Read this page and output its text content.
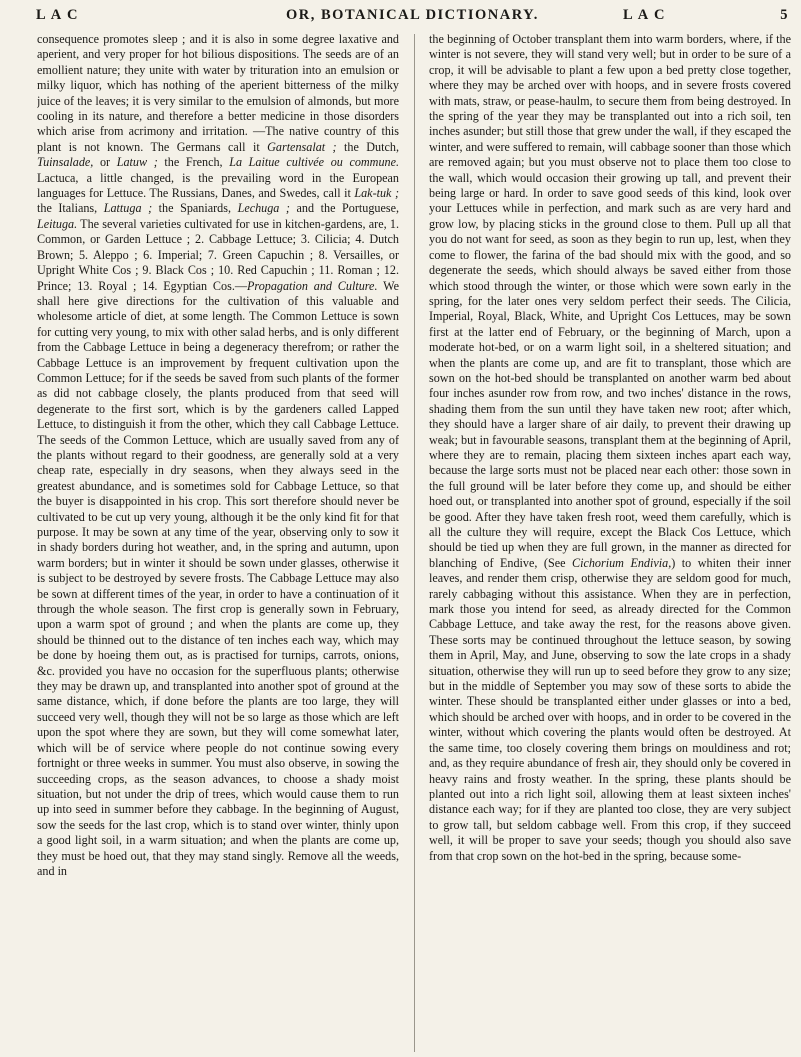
L A C	OR, BOTANICAL DICTIONARY.	L A C	5

consequence promotes sleep ; and it is also in some degree laxative and aperient, and very proper for hot bilious dispositions. The seeds are of an emollient nature; they unite with water by trituration into an emulsion or milky liquor, which has nothing of the aperient bitterness of the milky juice of the leaves; it is very similar to the emulsion of almonds, but more cooling in its nature, and therefore a better medicine in those disorders which arise from acrimony and irritation. —The native country of this plant is not known. The Germans call it Gartensalat ; the Dutch, Tuinsalade, or Latuw ; the French, La Laitue cultivée ou commune. Lactuca, a little changed, is the prevailing word in the European languages for Lettuce. The Russians, Danes, and Swedes, call it Lak-tuk ; the Italians, Lattuga ; the Spaniards, Lechuga ; and the Portuguese, Leituga. The several varieties cultivated for use in kitchen-gardens, are, 1. Common, or Garden Lettuce ; 2. Cabbage Lettuce; 3. Cilicia; 4. Dutch Brown; 5. Aleppo ; 6. Imperial; 7. Green Capuchin ; 8. Versailles, or Upright White Cos ; 9. Black Cos ; 10. Red Capuchin ; 11. Roman ; 12. Prince; 13. Royal ; 14. Egyptian Cos.—Propagation and Culture. We shall here give directions for the cultivation of this valuable and wholesome article of diet, at some length. The Common Lettuce is sown for cutting very young, to mix with other salad herbs, and is only different from the Cabbage Lettuce in being a degeneracy therefrom; or rather the Cabbage Lettuce is an improvement by frequent cultivation upon the Common Lettuce; for if the seeds be saved from such plants of the former as did not cabbage closely, the plants produced from that seed will degenerate to the first sort, which is by the gardeners called Lapped Lettuce, to distinguish it from the other, which they call Cabbage Lettuce. The seeds of the Common Lettuce, which are usually saved from any of the plants without regard to their goodness, are generally sold at a very cheap rate, especially in dry seasons, when they always seed in the greatest abundance, and is sometimes sold for Cabbage Lettuce, so that the buyer is disappointed in his crop. This sort therefore should never be cultivated to be cut up very young, although it be the only kind fit for that purpose. It may be sown at any time of the year, observing only to sow it in shady borders during hot weather, and, in the spring and autumn, upon warm borders; but in winter it should be sown under glasses, otherwise it is subject to be destroyed by severe frosts. The Cabbage Lettuce may also be sown at different times of the year, in order to have a continuation of it through the whole season. The first crop is generally sown in February, upon a warm spot of ground ; and when the plants are come up, they should be thinned out to the distance of ten inches each way, which may be done by hoeing them out, as is practised for turnips, carrots, onions, &c. provided you have no occasion for the superfluous plants; otherwise they may be drawn up, and transplanted into another spot of ground at the same distance, which, if done before the plants are too large, they will succeed very well, though they will not be so large as those which are left upon the spot where they are sown, but they will come somewhat later, which will be of service where people do not continue sowing every fortnight or three weeks in summer. You must also observe, in sowing the succeeding crops, as the season advances, to choose a shady moist situation, but not under the drip of trees, which would cause them to run up into seed in summer before they cabbage. In the beginning of August, sow the seeds for the last crop, which is to stand over winter, thinly upon a good light soil, in a warm situation; and when the plants are come up, they must be hoed out, that they may stand singly. Remove all the weeds, and in

the beginning of October transplant them into warm borders, where, if the winter is not severe, they will stand very well; but in order to be sure of a crop, it will be advisable to plant a few upon a bed pretty close together, where they may be arched over with hoops, and in severe frosts covered with mats, straw, or pease-haulm, to secure them from being destroyed. In the spring of the year they may be transplanted out into a rich soil, ten inches asunder; but still those that grew under the wall, if they escaped the winter, and were suffered to remain, will cabbage sooner than those which are removed again; but you must observe not to place them too close to the wall, which would occasion their growing up tall, and prevent their being large or hard. In order to save good seeds of this kind, look over your Lettuces while in perfection, and mark such as are very hard and grow low, by placing sticks in the ground close to them. Pull up all that you do not want for seed, as soon as they begin to run up, lest, when they come to flower, the farina of the bad should mix with the good, and so degenerate the seeds, which should always be saved either from those which stood through the winter, or those which were sown early in the spring, for the later ones very seldom perfect their seeds. The Cilicia, Imperial, Royal, Black, White, and Upright Cos Lettuces, may be sown first at the latter end of February, or the beginning of March, upon a moderate hot-bed, or on a warm light soil, in a sheltered situation; and when the plants are come up, and are fit to transplant, those which are sown on the hot-bed should be transplanted on another warm bed about four inches asunder row from row, and two inches' distance in the rows, shading them from the sun until they have taken new root; after which, they should have a larger share of air daily, to prevent their drawing up weak; but in favourable seasons, transplant them at the beginning of April, where they are to remain, placing them sixteen inches apart each way, because the large sorts must not be placed near each other: those sown in the full ground will be later before they come up, and should be either hoed out, or transplanted into another spot of ground, especially if the soil be good. After they have taken fresh root, weed them carefully, which is all the culture they will require, except the Black Cos Lettuce, which should be tied up when they are full grown, in the manner as directed for blanching of Endive, (See Cichorium Endivia,) to whiten their inner leaves, and render them crisp, otherwise they are seldom good for much, rarely cabbaging without this assistance. When they are in perfection, mark those you intend for seed, as already directed for the Common Cabbage Lettuce, and take away the rest, for the reasons above given. These sorts may be continued throughout the lettuce season, by sowing them in April, May, and June, observing to sow the late crops in a shady situation, otherwise they will run up to seed before they grow to any size; but in the middle of September you may sow of these sorts to abide the winter. These should be transplanted either under glasses or into a bed, which should be arched over with hoops, and in order to be covered in the winter, without which covering the plants would often be destroyed. At the same time, too closely covering them brings on mouldiness and rot; and, as they require abundance of fresh air, they should only be covered in heavy rains and frosty weather. In the spring, these plants should be planted out into a rich light soil, allowing them at least sixteen inches' distance each way; for if they are planted too close, they are very subject to grow tall, but seldom cabbage well. From this crop, if they succeed well, it will be proper to save your seeds; though you should also save from that crop sown on the hot-bed in the spring, because some-
